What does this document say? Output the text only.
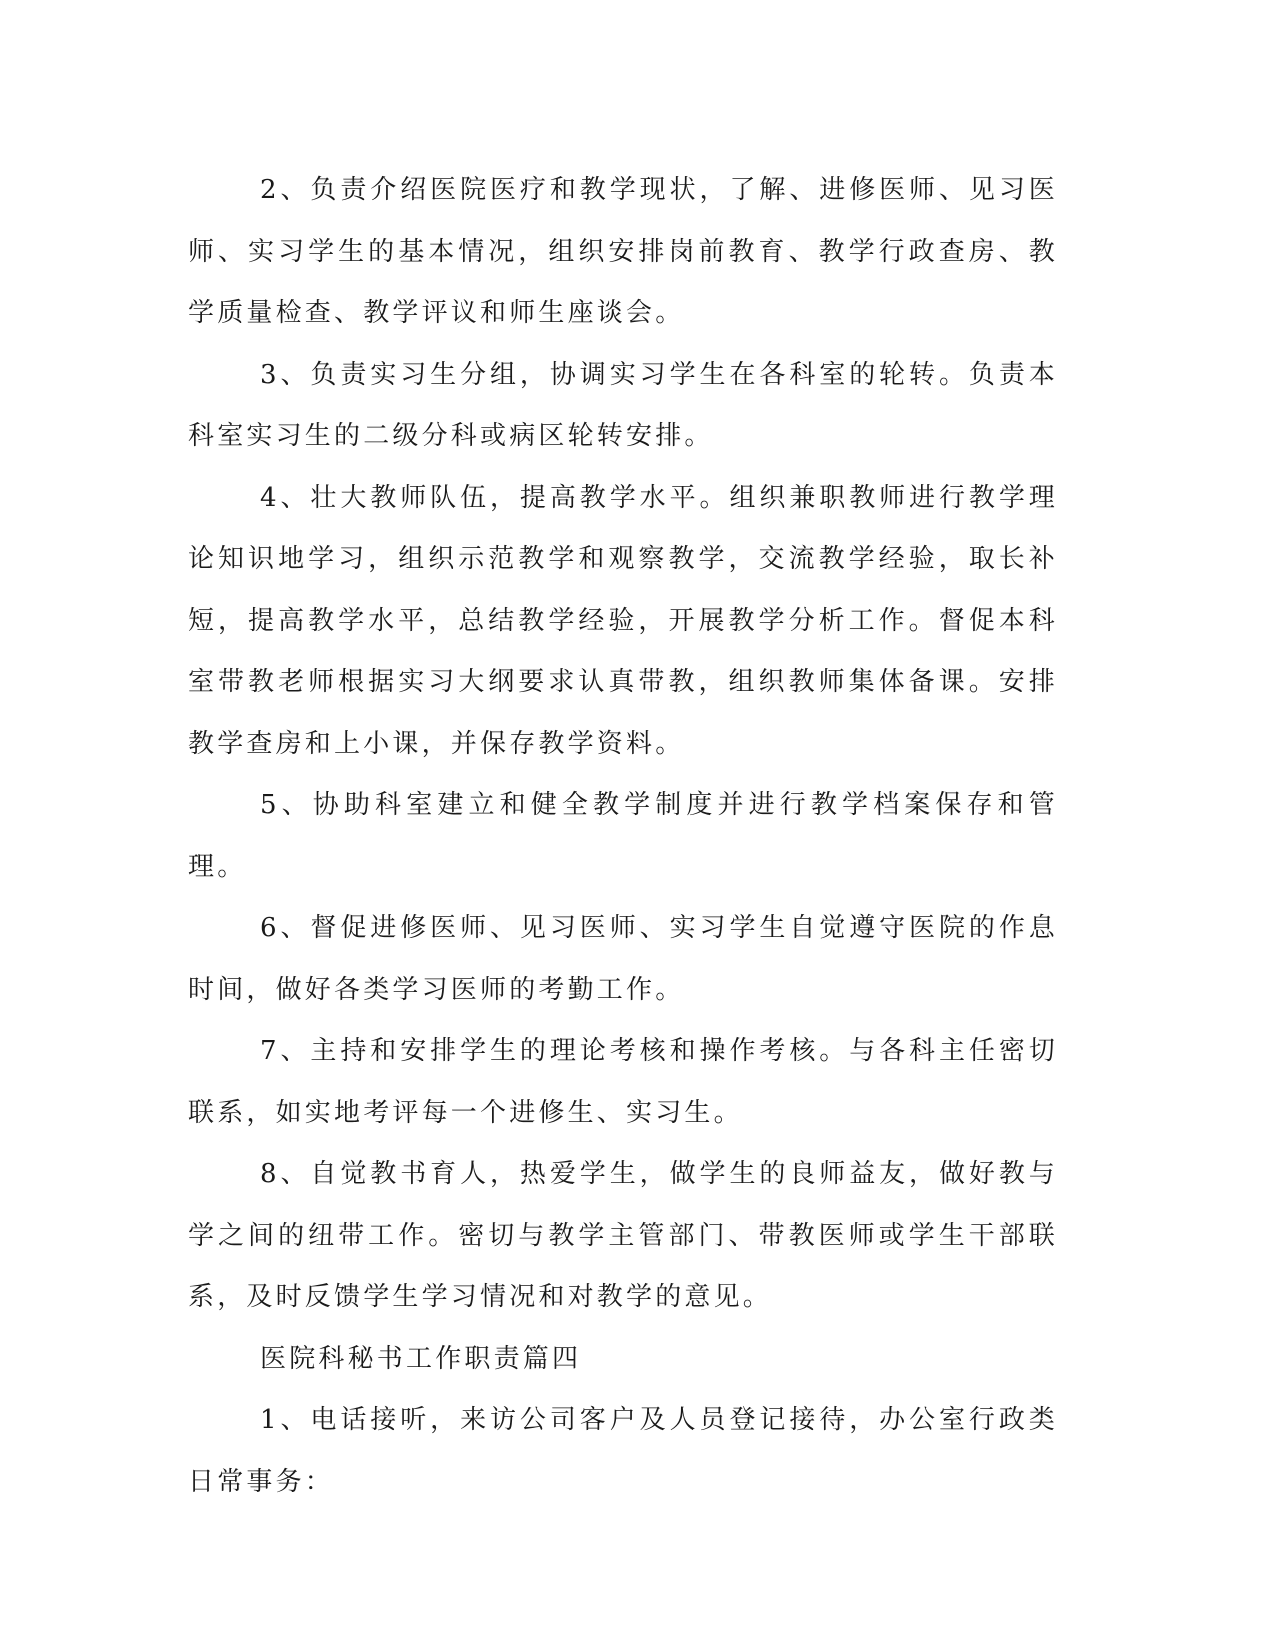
2、负责介绍医院医疗和教学现状，了解、进修医师、见习医师、实习学生的基本情况，组织安排岗前教育、教学行政查房、教学质量检查、教学评议和师生座谈会。

3、负责实习生分组，协调实习学生在各科室的轮转。负责本科室实习生的二级分科或病区轮转安排。

4、壮大教师队伍，提高教学水平。组织兼职教师进行教学理论知识地学习，组织示范教学和观察教学，交流教学经验，取长补短，提高教学水平，总结教学经验，开展教学分析工作。督促本科室带教老师根据实习大纲要求认真带教，组织教师集体备课。安排教学查房和上小课，并保存教学资料。

5、协助科室建立和健全教学制度并进行教学档案保存和管理。

6、督促进修医师、见习医师、实习学生自觉遵守医院的作息时间，做好各类学习医师的考勤工作。

7、主持和安排学生的理论考核和操作考核。与各科主任密切联系，如实地考评每一个进修生、实习生。

8、自觉教书育人，热爱学生，做学生的良师益友，做好教与学之间的纽带工作。密切与教学主管部门、带教医师或学生干部联系，及时反馈学生学习情况和对教学的意见。

医院科秘书工作职责篇四

1、电话接听，来访公司客户及人员登记接待，办公室行政类日常事务：
